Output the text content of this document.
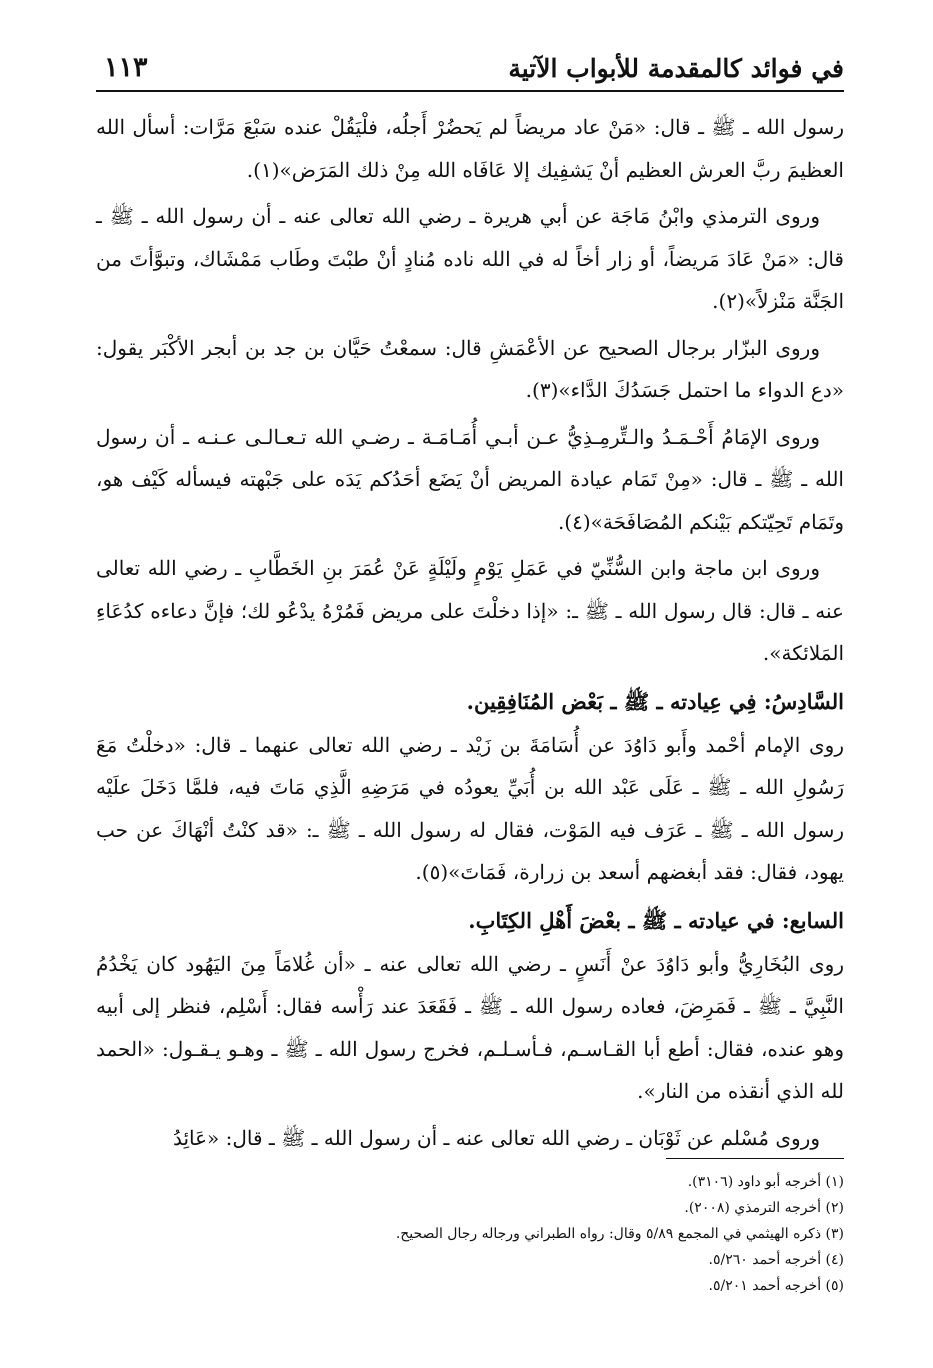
في فوائد كالمقدمة للأبواب الآتية
١١٣

رسول الله ـ ﷺ ـ قال: «مَنْ عاد مريضاً لم يَحضُرْ أَجلُه، فلْيَقُلْ عنده سَبْعَ مَرَّات: أسأل الله العظيمَ ربَّ العرش العظيم أنْ يَشفِيك إلا عَافَاه الله مِنْ ذلك المَرَض»(١).

وروى الترمذي وابْنُ مَاجَة عن أبي هريرة ـ رضي الله تعالى عنه ـ أن رسول الله ـ ﷺ ـ قال: «مَنْ عَادَ مَريضاً، أو زار أخاً له في الله ناده مُنادٍ أنْ طبْتَ وطَاب مَمْشَاك، وتبوَّأتَ من الجَنَّة مَنْزلاً»(٢).

وروى البزّار برجال الصحيح عن الأعْمَشِ قال: سمعْتُ حَيَّان بن جد بن أبجر الأكْبَر يقول: «دع الدواء ما احتمل جَسَدُكَ الدَّاء»(٣).

وروى الإمَامُ أَحْـمَـدُ والـتِّرمِـذِيُّ عـن أبـي أُمَـامَـة ـ رضـي الله تـعـالـى عـنـه ـ أن رسول الله ـ ﷺ ـ قال: «مِنْ تَمَام عيادة المريض أنْ يَضَع أحَدُكم يَدَه على جَبْهته فيسأله كَيْف هو، وتَمَام تَحِيّتكم بَيْنكم المُصَافَحَة»(٤).

وروى ابن ماجة وابن السُّنِّيّ في عَمَلِ يَوْمٍ ولَيْلَةٍ عَنْ عُمَرَ بنِ الخَطَّابِ ـ رضي الله تعالى عنه ـ قال: قال رسول الله ـ ﷺ ـ: «إذا دخلْتَ على مريض فَمُرْهُ يدْعُو لك؛ فإنَّ دعاءه كدُعَاءِ المَلائكة».

السَّادِسُ: فِي عِيادته ـ ﷺ ـ بَعْض المُنَافِقِين.

روى الإمام أحْمد وأَبو دَاوُدَ عن أُسَامَةَ بن زَيْد ـ رضي الله تعالى عنهما ـ قال: «دخلْتُ مَعَ رَسُولِ الله ـ ﷺ ـ عَلَى عَبْد الله بن أُبَيِّ يعودُه في مَرَضِهِ الَّذِي مَاتَ فيه، فلمَّا دَخَلَ علَيْه رسول الله ـ ﷺ ـ عَرَف فيه المَوْت، فقال له رسول الله ـ ﷺ ـ: «قد كنْتُ أنْهَاكَ عن حب يهود، فقال: فقد أبغضهم أسعد بن زرارة، فَمَاتَ»(٥).

السابع: في عيادته ـ ﷺ ـ بعْضَ أَهْلِ الكِتَابِ.

روى البُخَارِيُّ وأبو دَاوُدَ عنْ أَنَسٍ ـ رضي الله تعالى عنه ـ «أن غُلامَاً مِنَ اليَهُود كان يَخْدُمُ النَّبِيَّ ـ ﷺ ـ فَمَرِضَ، فعاده رسول الله ـ ﷺ ـ فَقَعَدَ عند رَأْسه فقال: أَسْلِم، فنظر إلى أبيه وهو عنده، فقال: أطع أبا القـاسـم، فـأسـلـم، فخرج رسول الله ـ ﷺ ـ وهـو يـقـول: «الحمد لله الذي أنقذه من النار».

وروى مُسْلم عن ثَوْبَان ـ رضي الله تعالى عنه ـ أن رسول الله ـ ﷺ ـ قال: «عَائِدُ

(١) أخرجه أبو داود (٣١٠٦).
(٢) أخرجه الترمذي (٢٠٠٨).
(٣) ذكره الهيثمي في المجمع ٥/٨٩ وقال: رواه الطبراني ورجاله رجال الصحيح.
(٤) أخرجه أحمد ٥/٢٦٠.
(٥) أخرجه أحمد ٥/٢٠١.
